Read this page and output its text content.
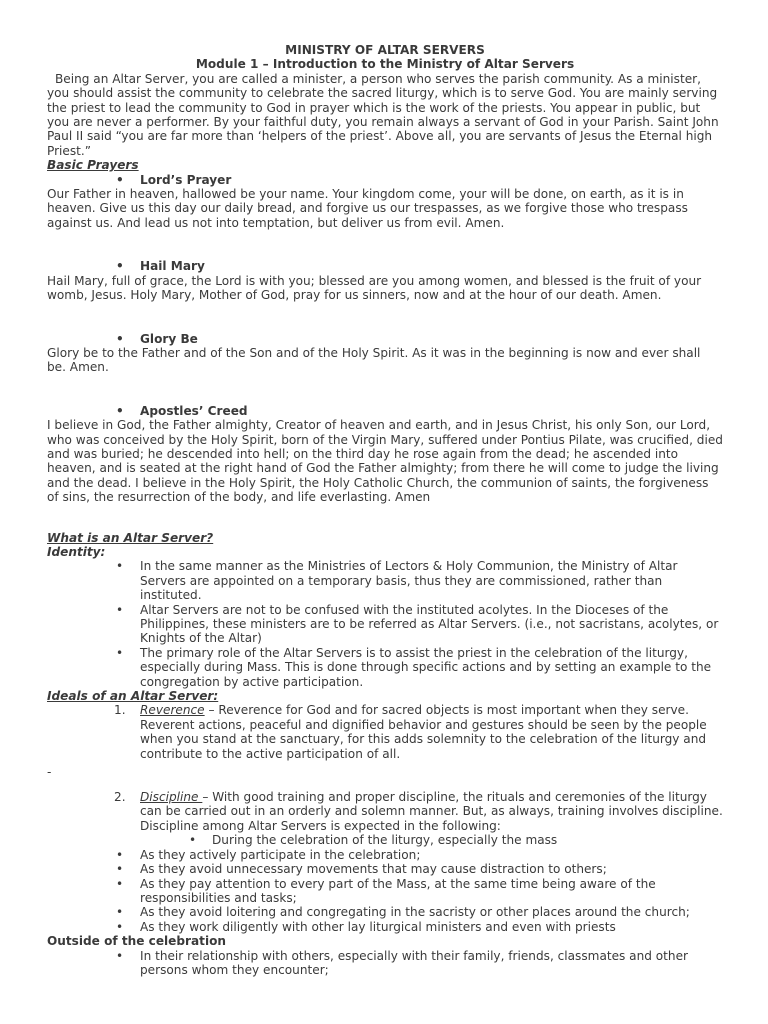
MINISTRY OF ALTAR SERVERS

Module 1 – Introduction to the Ministry of Altar Servers

Being an Altar Server, you are called a minister, a person who serves the parish community. As a minister, you should assist the community to celebrate the sacred liturgy, which is to serve God. You are mainly serving the priest to lead the community to God in prayer which is the work of the priests. You appear in public, but you are never a performer. By your faithful duty, you remain always a servant of God in your Parish. Saint John Paul II said “you are far more than ‘helpers of the priest’. Above all, you are servants of Jesus the Eternal high Priest.”

Basic Prayers

• Lord’s Prayer

Our Father in heaven, hallowed be your name. Your kingdom come, your will be done, on earth, as it is in heaven. Give us this day our daily bread, and forgive us our trespasses, as we forgive those who trespass against us. And lead us not into temptation, but deliver us from evil. Amen.

• Hail Mary

Hail Mary, full of grace, the Lord is with you; blessed are you among women, and blessed is the fruit of your womb, Jesus. Holy Mary, Mother of God, pray for us sinners, now and at the hour of our death. Amen.

• Glory Be

Glory be to the Father and of the Son and of the Holy Spirit. As it was in the beginning is now and ever shall be. Amen.

• Apostles’ Creed

I believe in God, the Father almighty, Creator of heaven and earth, and in Jesus Christ, his only Son, our Lord, who was conceived by the Holy Spirit, born of the Virgin Mary, suffered under Pontius Pilate, was crucified, died and was buried; he descended into hell; on the third day he rose again from the dead; he ascended into heaven, and is seated at the right hand of God the Father almighty; from there he will come to judge the living and the dead. I believe in the Holy Spirit, the Holy Catholic Church, the communion of saints, the forgiveness of sins, the resurrection of the body, and life everlasting. Amen

What is an Altar Server?

Identity:

• In the same manner as the Ministries of Lectors & Holy Communion, the Ministry of Altar Servers are appointed on a temporary basis, thus they are commissioned, rather than instituted.
• Altar Servers are not to be confused with the instituted acolytes. In the Dioceses of the Philippines, these ministers are to be referred as Altar Servers. (i.e., not sacristans, acolytes, or Knights of the Altar)
• The primary role of the Altar Servers is to assist the priest in the celebration of the liturgy, especially during Mass. This is done through specific actions and by setting an example to the congregation by active participation.

Ideals of an Altar Server:

1. Reverence – Reverence for God and for sacred objects is most important when they serve. Reverent actions, peaceful and dignified behavior and gestures should be seen by the people when you stand at the sanctuary, for this adds solemnity to the celebration of the liturgy and contribute to the active participation of all.
-
2. Discipline – With good training and proper discipline, the rituals and ceremonies of the liturgy can be carried out in an orderly and solemn manner. But, as always, training involves discipline. Discipline among Altar Servers is expected in the following:
• During the celebration of the liturgy, especially the mass
• As they actively participate in the celebration;
• As they avoid unnecessary movements that may cause distraction to others;
• As they pay attention to every part of the Mass, at the same time being aware of the responsibilities and tasks;
• As they avoid loitering and congregating in the sacristy or other places around the church;
• As they work diligently with other lay liturgical ministers and even with priests

Outside of the celebration

• In their relationship with others, especially with their family, friends, classmates and other persons whom they encounter;
